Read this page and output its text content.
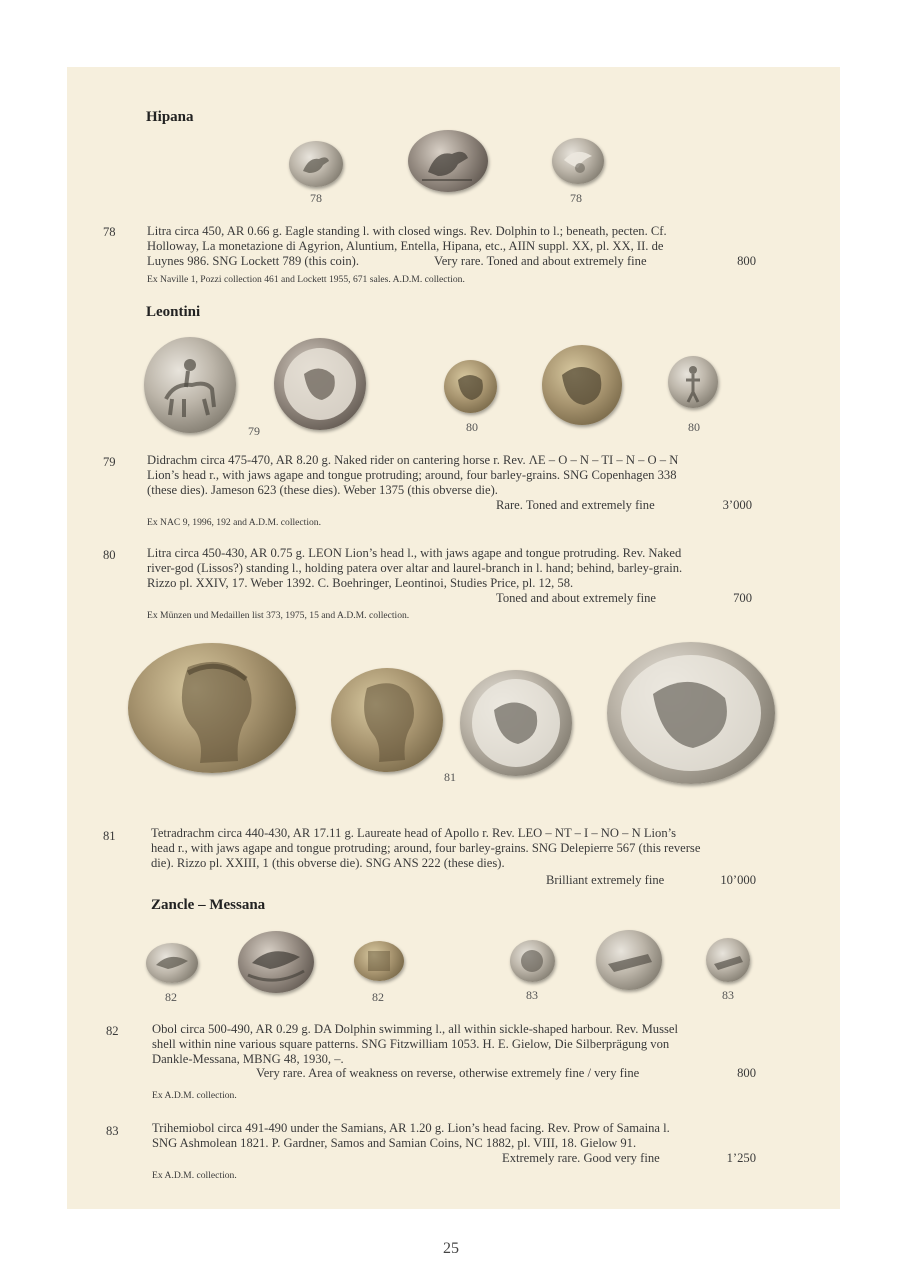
Hipana
78	78
78 Litra circa 450, AR 0.66 g. Eagle standing l. with closed wings. Rev. Dolphin to l.; beneath, pecten. Cf.
Holloway, La monetazione di Agyrion, Aluntium, Entella, Hipana, etc., AIIN suppl. XX, pl. XX, II. de
Luynes 986. SNG Lockett 789 (this coin).	Very rare. Toned and about extremely fine	800
Ex Naville 1, Pozzi collection 461 and Lockett 1955, 671 sales. A.D.M. collection.
Leontini
79	80	80
79 Didrachm circa 475-470, AR 8.20 g. Naked rider on cantering horse r. Rev. ΛE – O – N – TI – N – O – N
Lion’s head r., with jaws agape and tongue protruding; around, four barley-grains. SNG Copenhagen 338
(these dies). Jameson 623 (these dies). Weber 1375 (this obverse die).
Rare. Toned and extremely fine	3’000
Ex NAC 9, 1996, 192 and A.D.M. collection.
80 Litra circa 450-430, AR 0.75 g. LEON Lion’s head l., with jaws agape and tongue protruding. Rev. Naked
river-god (Lissos?) standing l., holding patera over altar and laurel-branch in l. hand; behind, barley-grain.
Rizzo pl. XXIV, 17. Weber 1392. C. Boehringer, Leontinoi, Studies Price, pl. 12, 58.
Toned and about extremely fine	700
Ex Münzen und Medaillen list 373, 1975, 15 and A.D.M. collection.
81
81	Tetradrachm circa 440-430, AR 17.11 g. Laureate head of Apollo r. Rev. LEO – NT – I – NO – N Lion’s
head r., with jaws agape and tongue protruding; around, four barley-grains. SNG Delepierre 567 (this reverse
die). Rizzo pl. XXIII, 1 (this obverse die). SNG ANS 222 (these dies).
Brilliant extremely fine	10’000
Zancle – Messana
82	82	83	83
82	Obol circa 500-490, AR 0.29 g. DA Dolphin swimming l., all within sickle-shaped harbour. Rev. Mussel
shell within nine various square patterns. SNG Fitzwilliam 1053. H. E. Gielow, Die Silberprägung von
Dankle-Messana, MBNG 48, 1930, –.
Very rare. Area of weakness on reverse, otherwise extremely fine / very fine	800
Ex A.D.M. collection.
83	Trihemiobol circa 491-490 under the Samians, AR 1.20 g. Lion’s head facing. Rev. Prow of Samaina l.
SNG Ashmolean 1821. P. Gardner, Samos and Samian Coins, NC 1882, pl. VIII, 18. Gielow 91.
Extremely rare. Good very fine	1’250
Ex A.D.M. collection.
25
